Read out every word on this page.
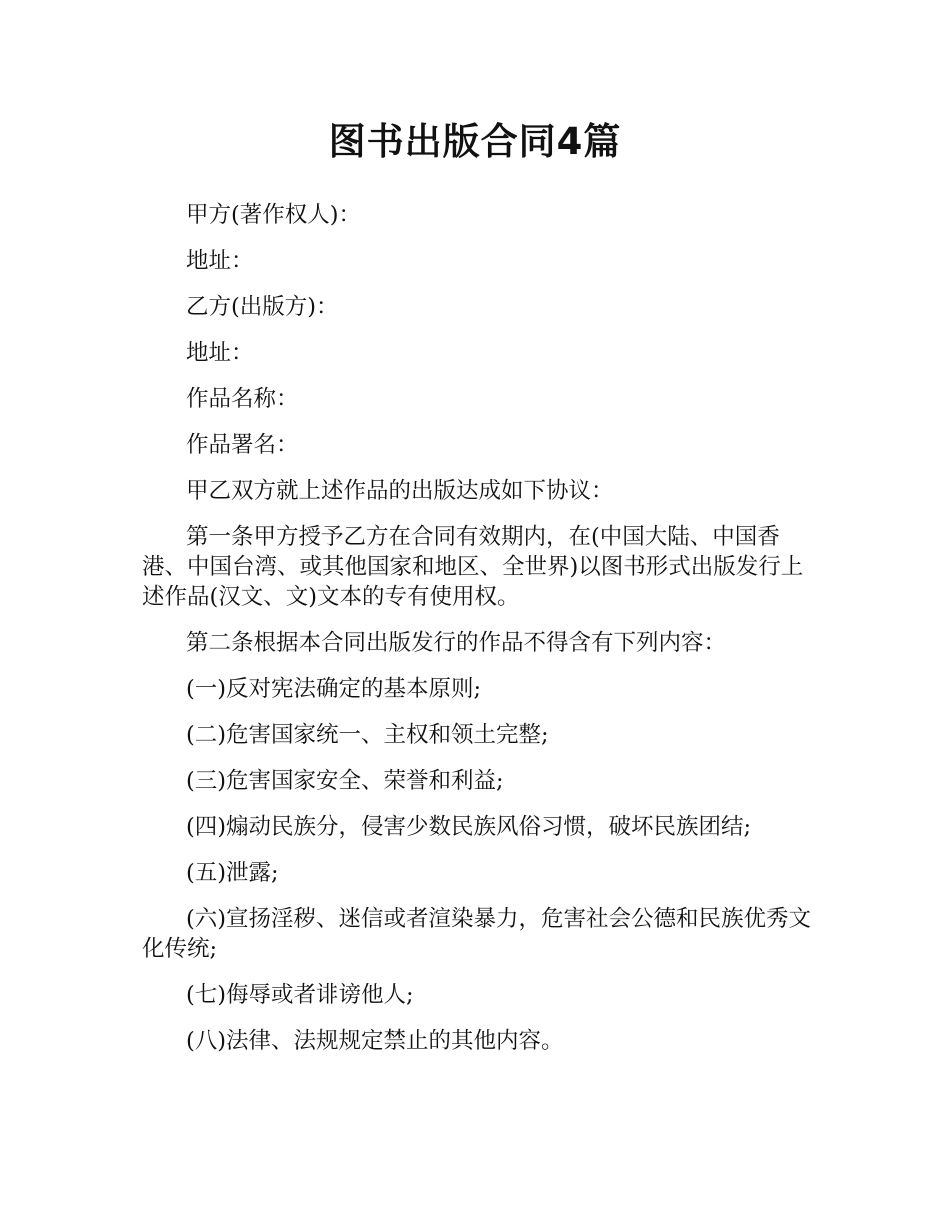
图书出版合同4篇

甲方(著作权人)：

地址：

乙方(出版方)：

地址：

作品名称：

作品署名：

甲乙双方就上述作品的出版达成如下协议：

第一条甲方授予乙方在合同有效期内，在(中国大陆、中国香港、中国台湾、或其他国家和地区、全世界)以图书形式出版发行上述作品(汉文、文)文本的专有使用权。

第二条根据本合同出版发行的作品不得含有下列内容：

(一)反对宪法确定的基本原则;

(二)危害国家统一、主权和领土完整;

(三)危害国家安全、荣誉和利益;

(四)煽动民族分，侵害少数民族风俗习惯，破坏民族团结;

(五)泄露;

(六)宣扬淫秽、迷信或者渲染暴力，危害社会公德和民族优秀文化传统;

(七)侮辱或者诽谤他人;

(八)法律、法规规定禁止的其他内容。
